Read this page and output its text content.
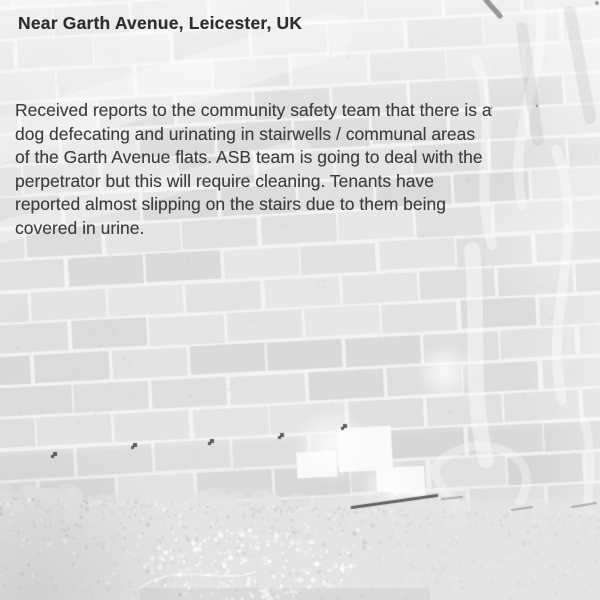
Near Garth Avenue, Leicester, UK
Received reports to the community safety team that there is a
dog defecating and urinating in stairwells / communal areas
of the Garth Avenue flats. ASB team is going to deal with the
perpetrator but this will require cleaning. Tenants have
reported almost slipping on the stairs due to them being
covered in urine.
